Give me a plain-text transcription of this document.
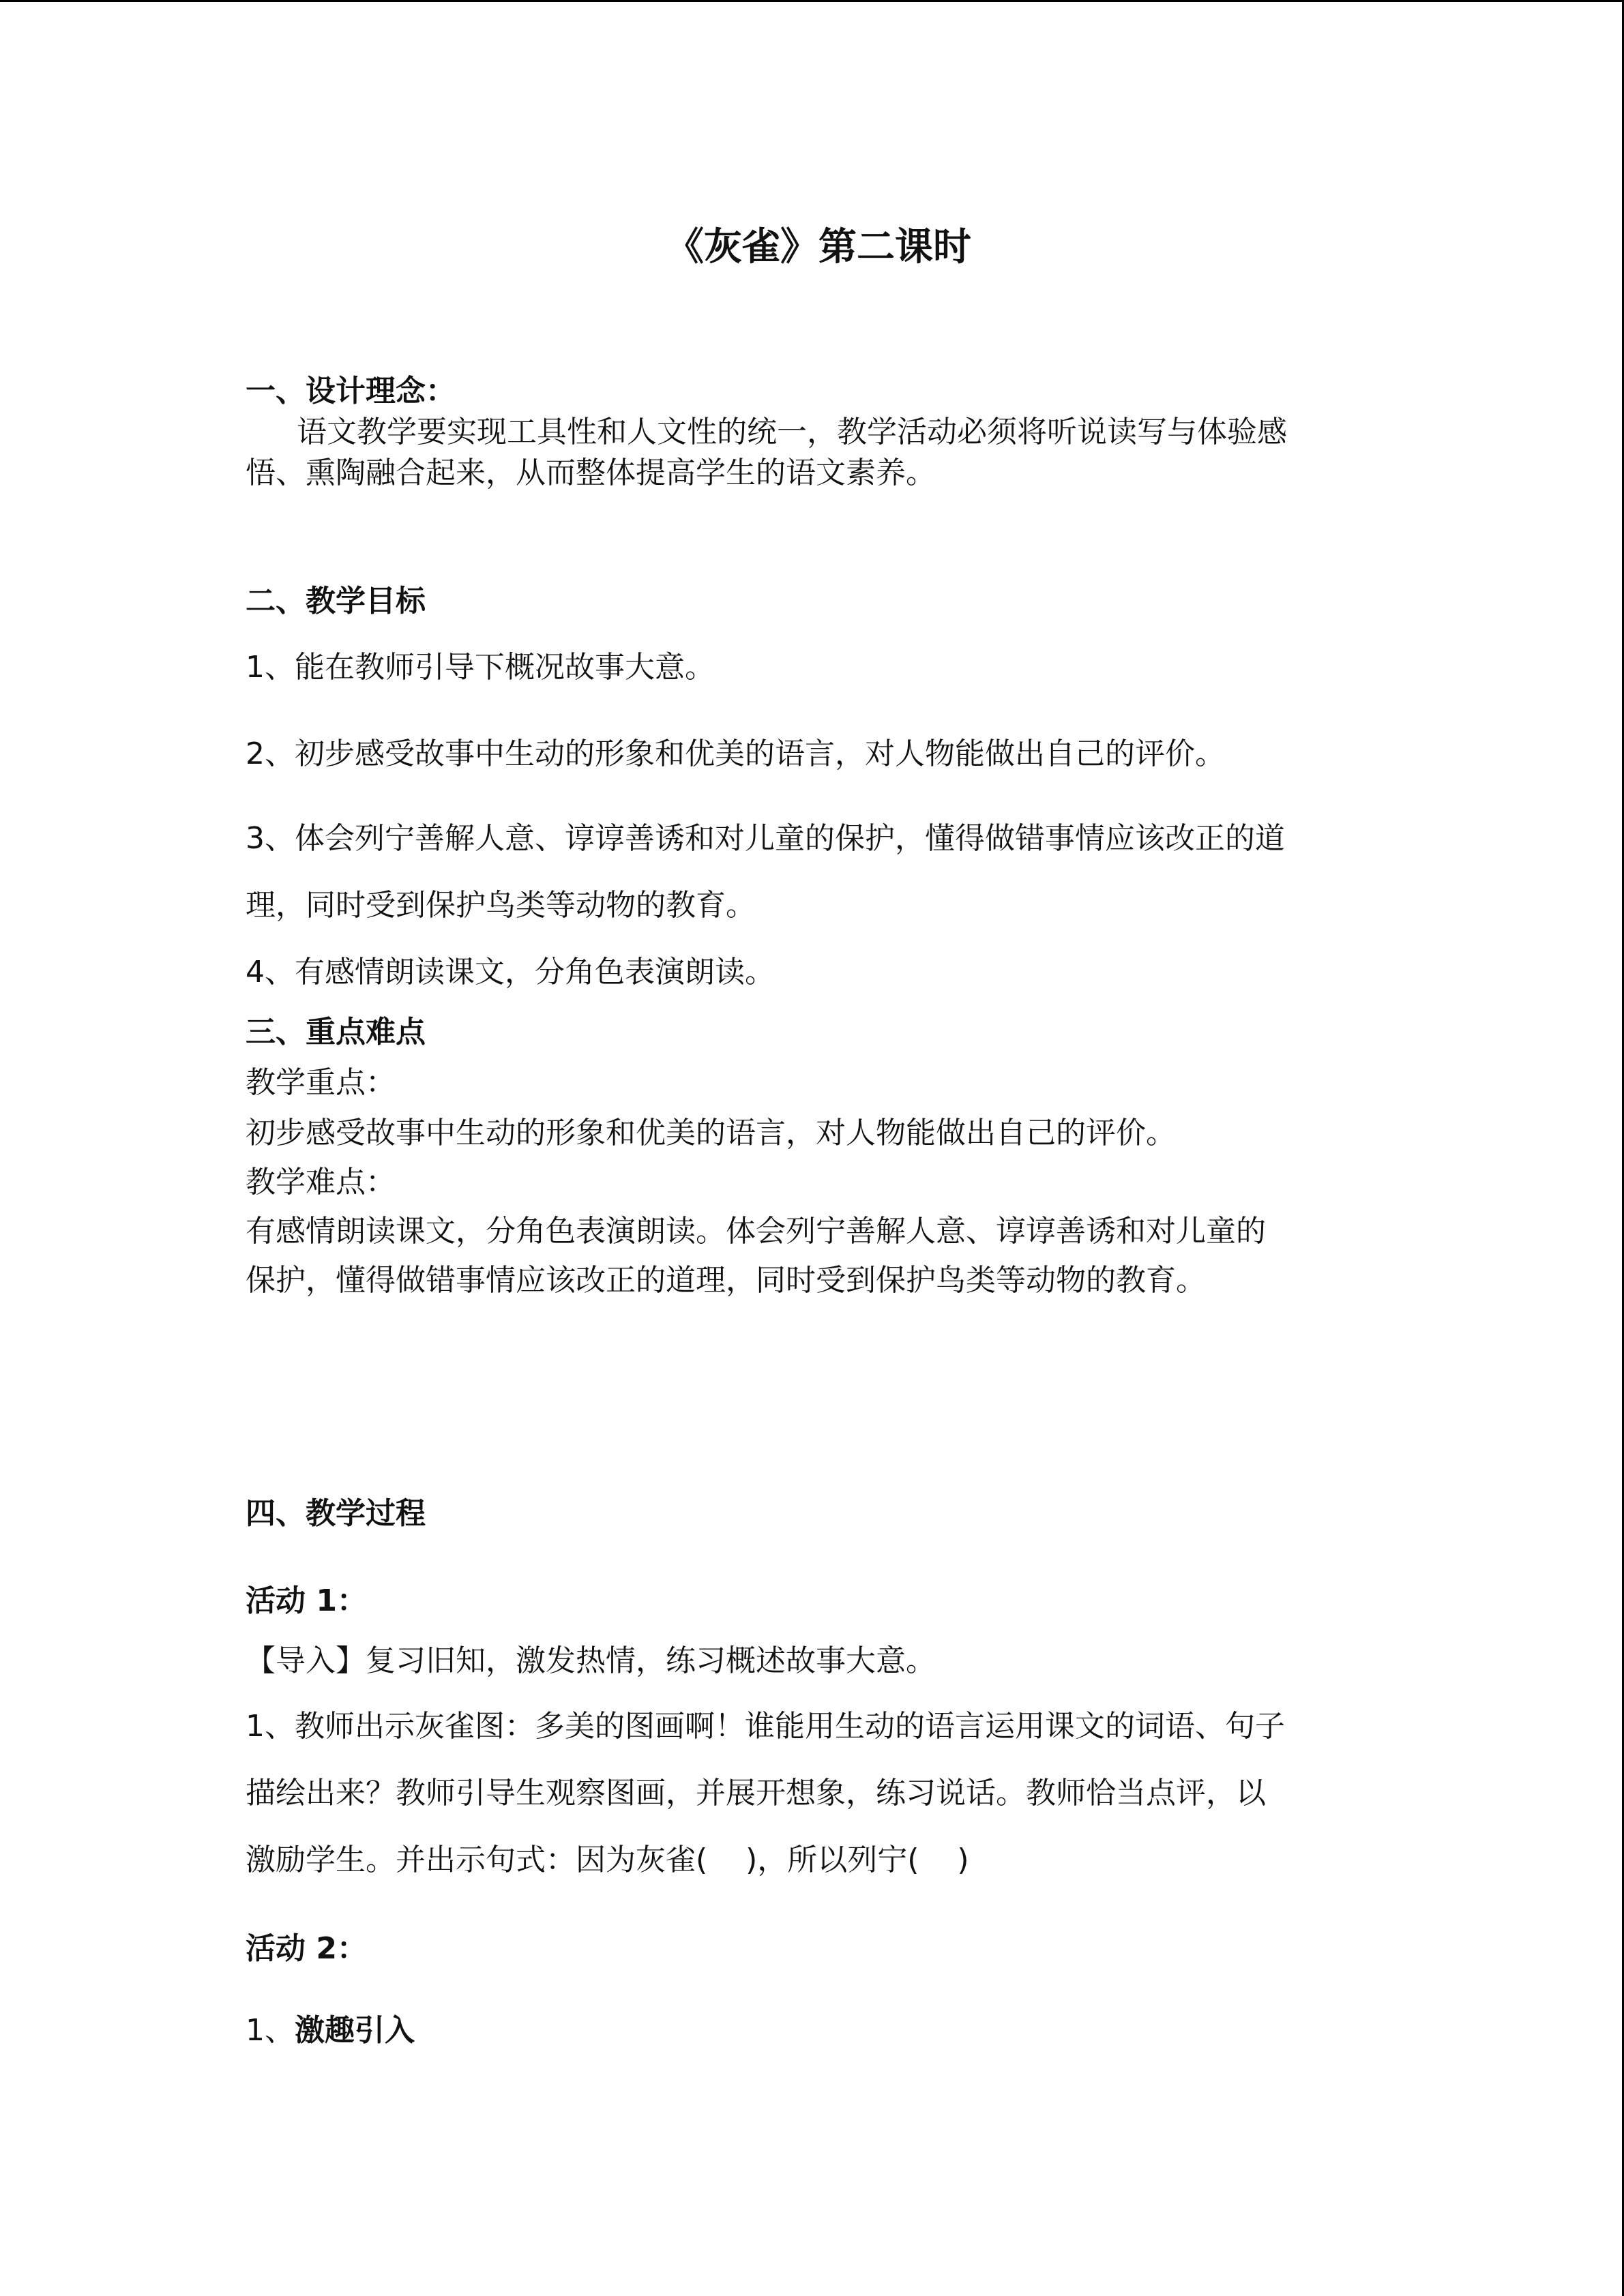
《灰雀》第二课时
一、设计理念：
语文教学要实现工具性和人文性的统一，教学活动必须将听说读写与体验感
悟、熏陶融合起来，从而整体提高学生的语文素养。
二、教学目标
1、能在教师引导下概况故事大意。
2、初步感受故事中生动的形象和优美的语言，对人物能做出自己的评价。
3、体会列宁善解人意、谆谆善诱和对儿童的保护，懂得做错事情应该改正的道
理，同时受到保护鸟类等动物的教育。
4、有感情朗读课文，分角色表演朗读。
三、重点难点
教学重点：
初步感受故事中生动的形象和优美的语言，对人物能做出自己的评价。
教学难点：
有感情朗读课文，分角色表演朗读。体会列宁善解人意、谆谆善诱和对儿童的
保护，懂得做错事情应该改正的道理，同时受到保护鸟类等动物的教育。
四、教学过程
活动 1：
【导入】复习旧知，激发热情，练习概述故事大意。
1、教师出示灰雀图：多美的图画啊！谁能用生动的语言运用课文的词语、句子
描绘出来？教师引导生观察图画，并展开想象，练习说话。教师恰当点评，以
激励学生。并出示句式：因为灰雀(    )，所以列宁(    )
活动 2：
1、激趣引入
